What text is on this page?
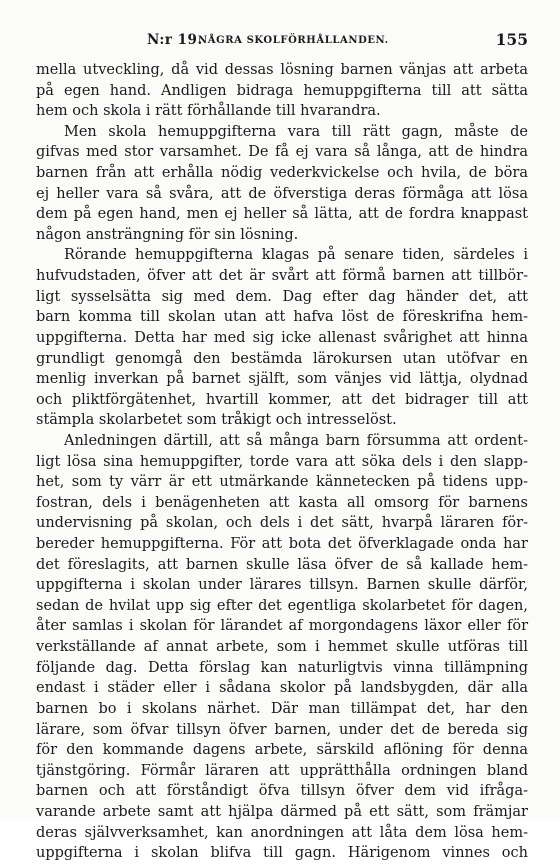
N:r 19.
NÅGRA SKOLFÖRHÅLLANDEN.	155
mella utveckling, då vid dessas lösning barnen vänjas att arbeta
på egen hand. Andligen bidraga hemuppgifterna till att sätta
hem och skola i rätt förhållande till hvarandra.
Men skola hemuppgifterna vara till rätt gagn, måste de
gifvas med stor varsamhet. De få ej vara så långa, att de hindra
barnen från att erhålla nödig vederkvickelse och hvila, de böra
ej heller vara så svåra, att de öfverstiga deras förmåga att lösa
dem på egen hand, men ej heller så lätta, att de fordra knappast
någon ansträngning för sin lösning.
Rörande hemuppgifterna klagas på senare tiden, särdeles i
hufvudstaden, öfver att det är svårt att förmå barnen att tillbör-
ligt sysselsätta sig med dem. Dag efter dag händer det, att
barn komma till skolan utan att hafva löst de föreskrifna hem-
uppgifterna. Detta har med sig icke allenast svårighet att hinna
grundligt genomgå den bestämda lärokursen utan utöfvar en
menlig inverkan på barnet själft, som vänjes vid lättja, olydnad
och pliktförgätenhet, hvartill kommer, att det bidrager till att
stämpla skolarbetet som tråkigt och intresselöst.
Anledningen därtill, att så många barn försumma att ordent-
ligt lösa sina hemuppgifter, torde vara att söka dels i den slapp-
het, som ty värr är ett utmärkande kännetecken på tidens upp-
fostran, dels i benägenheten att kasta all omsorg för barnens
undervisning på skolan, och dels i det sätt, hvarpå läraren för-
bereder hemuppgifterna. För att bota det öfverklagade onda har
det föreslagits, att barnen skulle läsa öfver de så kallade hem-
uppgifterna i skolan under lärares tillsyn. Barnen skulle därför,
sedan de hvilat upp sig efter det egentliga skolarbetet för dagen,
åter samlas i skolan för lärandet af morgondagens läxor eller för
verkställande af annat arbete, som i hemmet skulle utföras till
följande dag. Detta förslag kan naturligtvis vinna tillämpning
endast i städer eller i sådana skolor på landsbygden, där alla
barnen bo i skolans närhet. Där man tillämpat det, har den
lärare, som öfvar tillsyn öfver barnen, under det de bereda sig
för den kommande dagens arbete, särskild aflöning för denna
tjänstgöring. Förmår läraren att upprätthålla ordningen bland
barnen och att förståndigt öfva tillsyn öfver dem vid ifråga-
varande arbete samt att hjälpa därmed på ett sätt, som främjar
deras självverksamhet, kan anordningen att låta dem lösa hem-
uppgifterna i skolan blifva till gagn. Härigenom vinnes och
